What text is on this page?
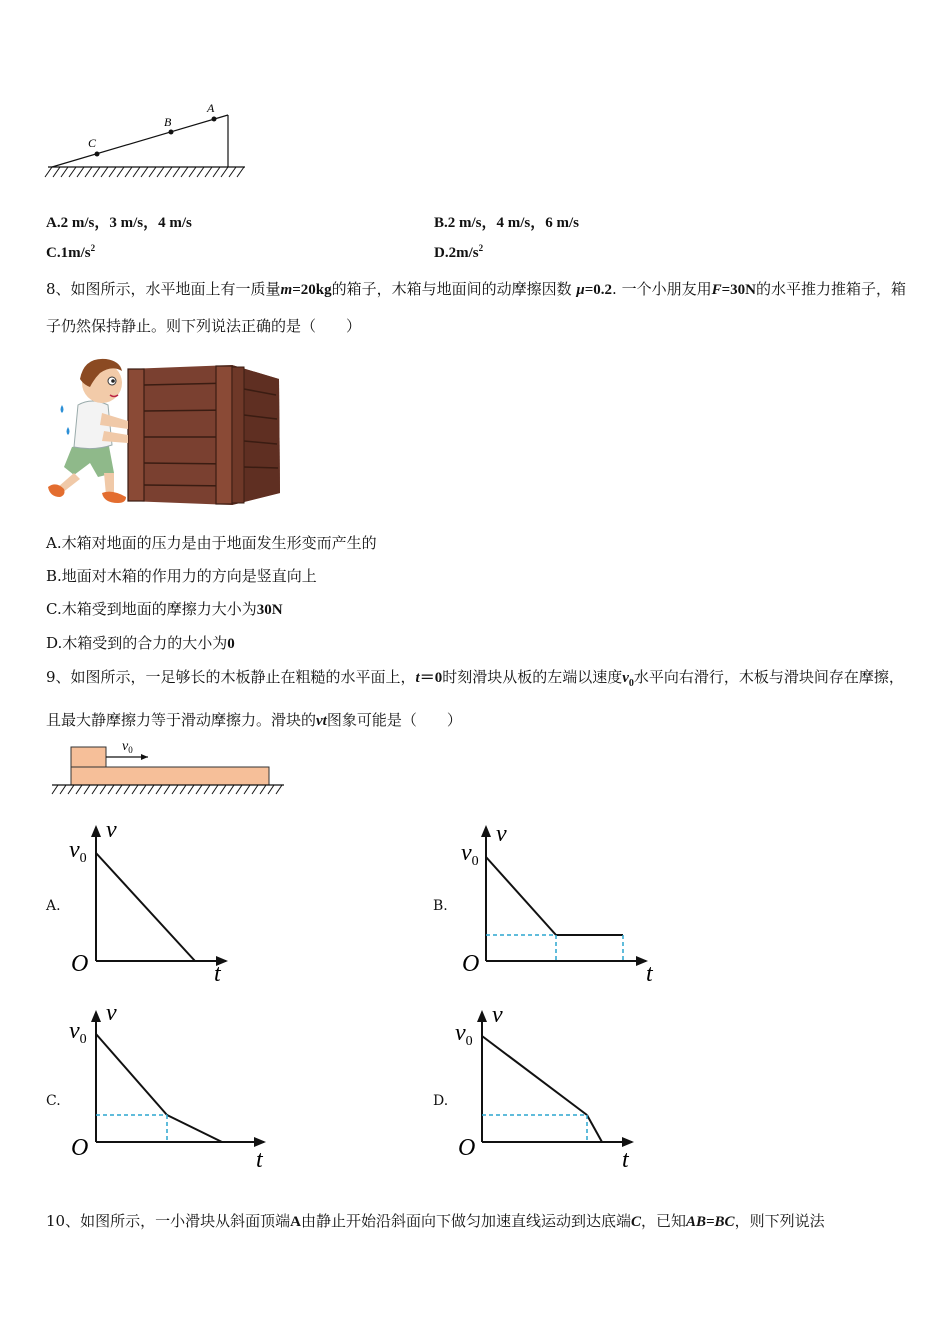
C
B
A
A.2 m/s，3 m/s，4 m/s	B.2 m/s，4 m/s，6 m/s
$C.1m/s^2$	$D.2m/s^2$
8、如图所示，水平地面上有一质量m=20kg的箱子，木箱与地面间的动摩擦因数 μ=0.2. 一个小朋友用F=30N的水平推力推箱子，箱子仍然保持静止。则下列说法正确的是（　　）
A.木箱对地面的压力是由于地面发生形变而产生的
B.地面对木箱的作用力的方向是竖直向上
C.木箱受到地面的摩擦力大小为30N
D.木箱受到的合力的大小为0
9、如图所示，一足够长的木板静止在粗糙的水平面上，t＝0时刻滑块从板的左端以速度$v_0$水平向右滑行，木板与滑块间存在摩擦，且最大静摩擦力等于滑动摩擦力。滑块的vt图象可能是（　　）
$v_0$
A.
v
$v_0$
O	t
B.
v
$v_0$
O	t
C.
v
$v_0$
O	t
D.
v
$v_0$
O	t
10、如图所示，一小滑块从斜面顶端A由静止开始沿斜面向下做匀加速直线运动到达底端C，已知AB=BC，则下列说法
